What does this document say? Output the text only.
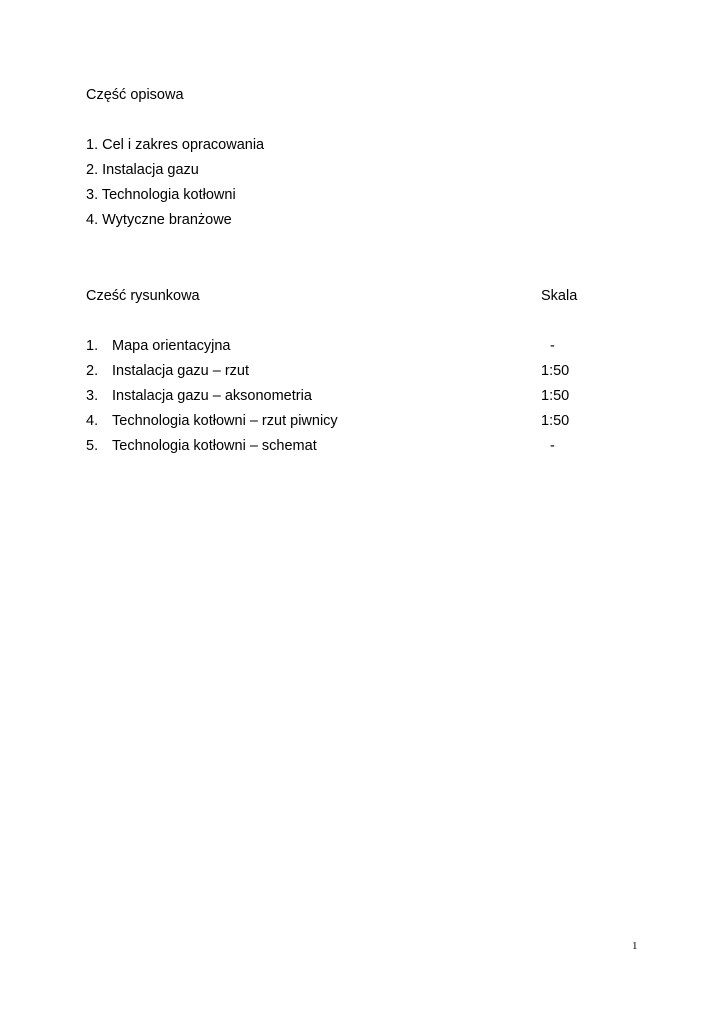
Część opisowa
1. Cel i zakres opracowania
2. Instalacja gazu
3. Technologia kotłowni
4. Wytyczne branżowe
Cześć rysunkowa	Skala
1. Mapa orientacyjna	-
2. Instalacja gazu – rzut	1:50
3. Instalacja gazu – aksonometria	1:50
4. Technologia kotłowni – rzut piwnicy	1:50
5. Technologia kotłowni – schemat	-
1
